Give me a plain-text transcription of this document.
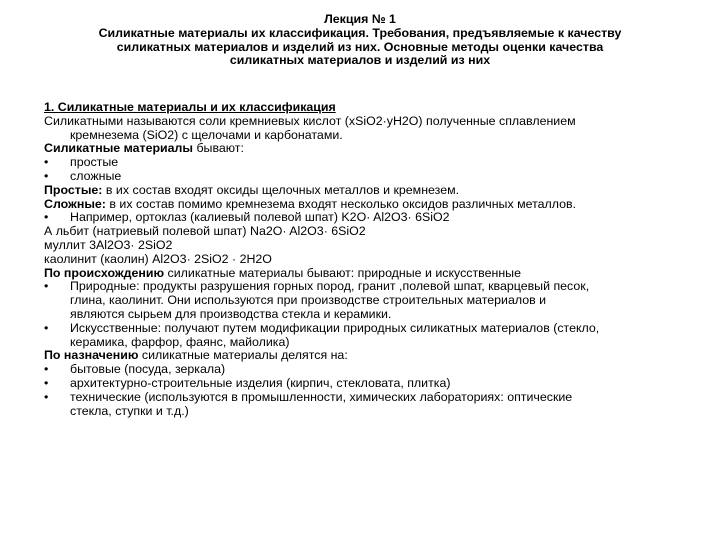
Лекция № 1
Силикатные материалы их классификация. Требования, предъявляемые к качеству
силикатных материалов и изделий из них. Основные методы оценки качества
силикатных материалов и изделий из них
1. Силикатные материалы и их классификация
Силикатными называются соли кремниевых кислот (xSiO2·yH2O) полученные сплавлением
кремнезема (SiO2) с щелочами и карбонатами.
Силикатные материалы бывают:
• простые
• сложные
Простые: в их состав входят оксиды щелочных металлов и кремнезем.
Сложные: в их состав помимо кремнезема входят несколько оксидов различных металлов.
• Например, ортоклаз (калиевый полевой шпат) K2O· Al2O3· 6SiO2
А льбит (натриевый полевой шпат) Na2O· Al2O3· 6SiO2
муллит 3Al2O3· 2SiO2
каолинит (каолин) Al2O3· 2SiO2 · 2H2O
По происхождению силикатные материалы бывают: природные и искусственные
• Природные: продукты разрушения горных пород, гранит ,полевой шпат, кварцевый песок,
глина, каолинит. Они используются при производстве строительных материалов и
являются сырьем для производства стекла и керамики.
• Искусственные: получают путем модификации природных силикатных материалов (стекло,
керамика, фарфор, фаянс, майолика)
По назначению силикатные материалы делятся на:
• бытовые (посуда, зеркала)
• архитектурно-строительные изделия (кирпич, стекловата, плитка)
• технические (используются в промышленности, химических лабораториях: оптические
стекла, ступки и т.д.)
